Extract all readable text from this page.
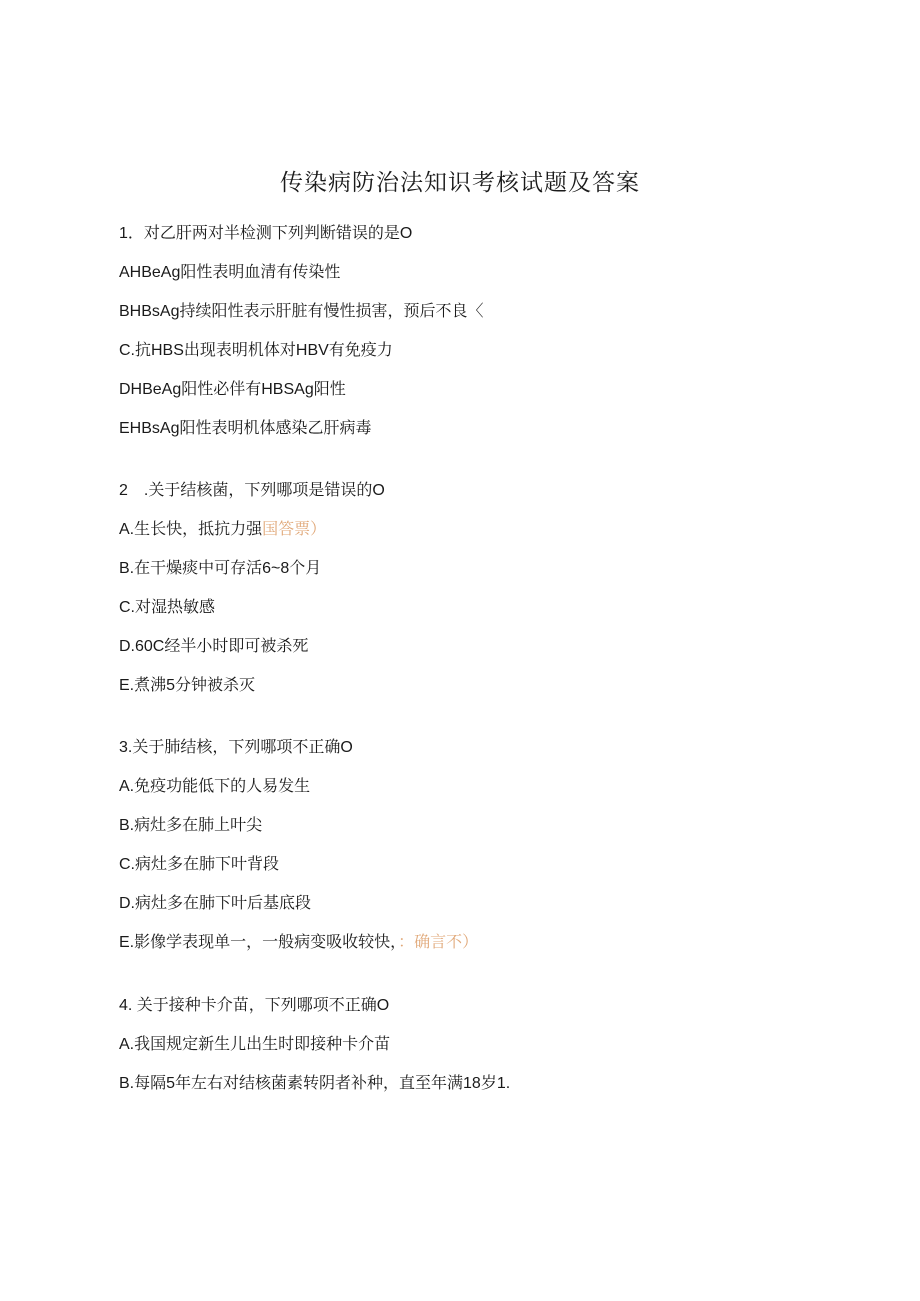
传染病防治法知识考核试题及答案
1．对乙肝两对半检测下列判断错误的是O
AHBeAg阳性表明血清有传染性
BHBsAg持续阳性表示肝脏有慢性损害，预后不良〈
C.抗HBS出现表明机体对HBV有免疫力
DHBeAg阳性必伴有HBSAg阳性
EHBsAg阳性表明机体感染乙肝病毒
2　.关于结核菌，下列哪项是错误的O
A.生长快，抵抗力强国答票）
B.在干燥痰中可存活6~8个月
C.对湿热敏感
D.60C经半小时即可被杀死
E.煮沸5分钟被杀灭
3.关于肺结核，下列哪项不正确O
A.免疫功能低下的人易发生
B.病灶多在肺上叶尖
C.病灶多在肺下叶背段
D.病灶多在肺下叶后基底段
E.影像学表现单一，一般病变吸收较快，：确言不）
4. 关于接种卡介苗，下列哪项不正确O
A.我国规定新生儿出生时即接种卡介苗
B.每隔5年左右对结核菌素转阴者补种，直至年满18岁1.
